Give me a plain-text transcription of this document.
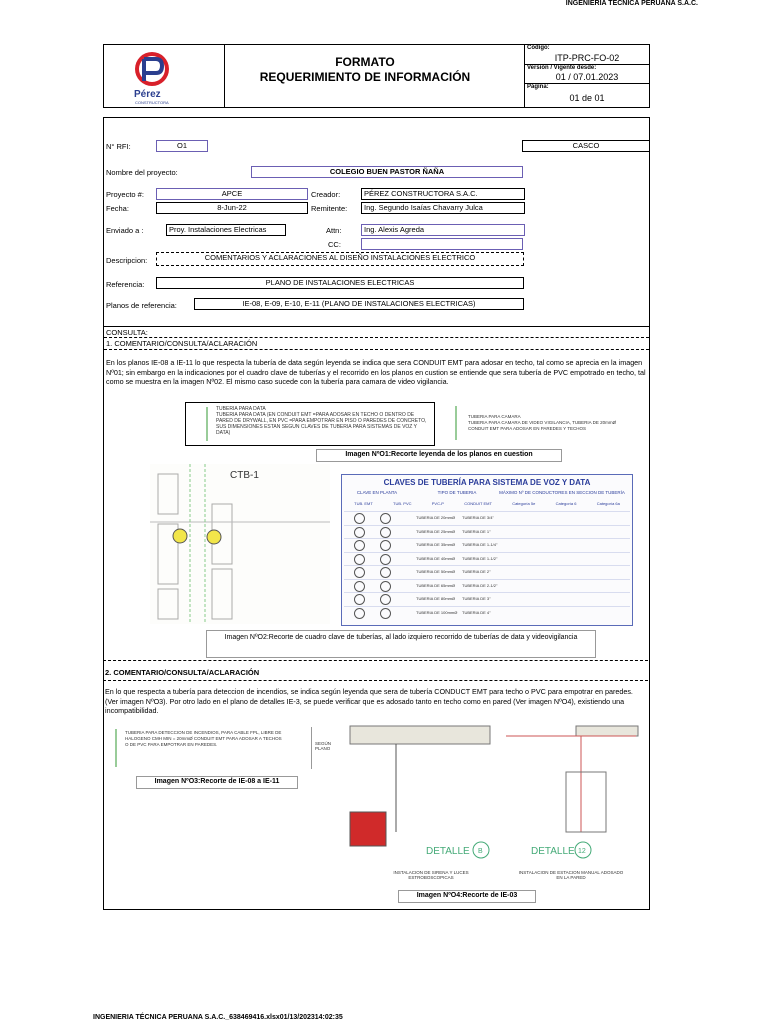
INGENIERIA TÉCNICA PERUANA S.A.C.
Pérez
CONSTRUCTORA
FORMATO
REQUERIMIENTO DE INFORMACIÓN
Código:
ITP-PRC-FO-02
Versión / Vigente desde:
01 / 07.01.2023
Página:
01 de 01
N° RFI:	O1	CASCO
Nombre del proyecto:	COLEGIO BUEN PASTOR ÑAÑA
Proyecto #:	APCE	Creador:	PÉREZ CONSTRUCTORA S.A.C.
Fecha:	8-Jun-22	Remitente:	Ing. Segundo Isaías Chavarry Julca
Enviado a :	Proy. Instalaciones Electricas	Attn:	Ing. Alexis Agreda
CC:
Descripcion:	COMENTARIOS Y ACLARACIONES AL DISEÑO INSTALACIONES ELECTRICO
Referencia:	PLANO DE INSTALACIONES ELECTRICAS
Planos de referencia:	IE-08, E-09, E-10, E-11 (PLANO DE INSTALACIONES ELECTRICAS)
CONSULTA:
1. COMENTARIO/CONSULTA/ACLARACIÓN
En los planos IE-08 a IE-11 lo que respecta la tubería de data según leyenda se indica que sera CONDUIT EMT para adosar en techo, tal como se aprecia en la imagen Nº01; sin embargo en la indicaciones por el cuadro clave de tuberías y el recorrido en los planos en custion se entiende que sera tubería de PVC empotrado en techo, tal como se muestra en la imagen Nº02. El mismo caso sucede con la tubería para camara de video vigilancia.
TUBERIA PARA DATA
TUBERIA PARA DATA (EN CONDUIT EMT =PARA ADOSAR EN TECHO O DENTRO DE PARED DE DRYWALL, EN PVC =PARA EMPOTRAR EN PISO O PAREDES DE CONCRETO, SUS DIMENSIONES ESTAN SEGUN CLAVES DE TUBERIA PARA SISTEMAS DE VOZ Y DATA)
TUBERIA PARA CAMARA
TUBERIA PARA CAMARA DE VIDEO VIGILANCIA, TUBERIA DE 20mmØ CONDUIT EMT PARA ADOSAR EN PAREDES Y TECHOS
Imagen NºO1:Recorte leyenda de los planos en cuestion
CTB-1
CLAVES DE TUBERÍA PARA SISTEMA DE VOZ Y DATA
CLAVE EN PLANTA	TIPO DE TUBERIA	MÁXIMO Nº DE CONDUCTORES EN SECCION DE TUBERÍA
TUB. EMT	TUB. PVC	PVC-P	CONDUIT EMT	Categoría 5e	Categoría 6	Categoría 6a
TUBERIA DE 20mmØ TUBERIA DE 3/4"
TUBERIA DE 25mmØ TUBERIA DE 1"
TUBERIA DE 35mmØ TUBERIA DE 1-1/4"
TUBERIA DE 40mmØ TUBERIA DE 1-1/2"
TUBERIA DE 50mmØ TUBERIA DE 2"
TUBERIA DE 65mmØ TUBERIA DE 2-1/2"
TUBERIA DE 80mmØ TUBERIA DE 3"
TUBERIA DE 100mmØ TUBERIA DE 4"
Imagen NºO2:Recorte de cuadro clave de tuberías, al lado izquiero recorrido de tuberías de data y videovigilancia
2. COMENTARIO/CONSULTA/ACLARACIÓN
En lo que respecta a tubería para deteccion de incendios, se indica según leyenda que sera de tubería CONDUCT EMT para techo o PVC para empotrar en paredes. (Ver imagen NºO3). Por otro lado en el plano de detalles IE-3, se puede verificar que es adosado tanto en techo como en pared (Ver imagen NºO4), existiendo una incompatibilidad.
TUBERIA PARA DETECCION DE INCENDIOS, PARA CABLE FPL, LIBRE DE HALOGENO CMH MIN = 20mmØ CONDUIT EMT PARA ADOSAR A TECHOS O DE PVC PARA EMPOTRAR EN PAREDES.	SEGÚN PLANO
Imagen NºO3:Recorte de IE-08 a IE-11
DETALLE B	DETALLE 12
INSTALACION DE SIRENA Y LUCES ESTROBOSCOPICAS
INSTALACION DE ESTACION MANUAL ADOSADO EN LA PARED
Imagen NºO4:Recorte de IE-03
INGENIERIA TÉCNICA PERUANA S.A.C._638469416.xlsx01/13/202314:02:35
